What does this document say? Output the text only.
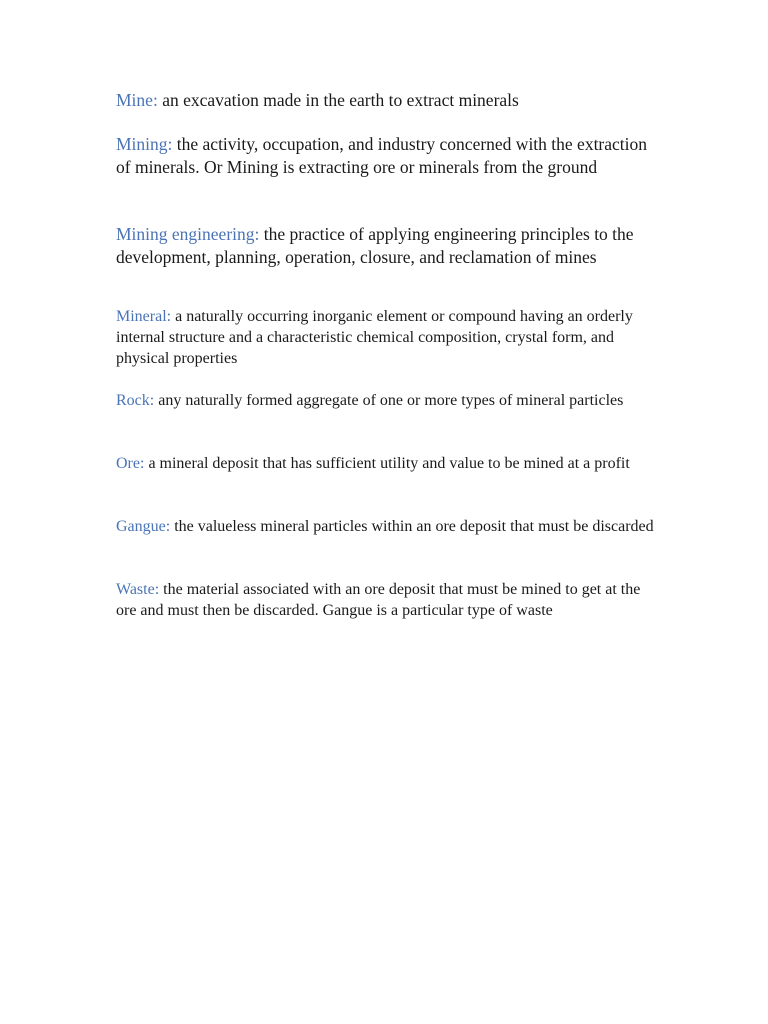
Mine: an excavation made in the earth to extract minerals

Mining: the activity, occupation, and industry concerned with the extraction of minerals. Or Mining is extracting ore or minerals from the ground

Mining engineering: the practice of applying engineering principles to the development, planning, operation, closure, and reclamation of mines

Mineral: a naturally occurring inorganic element or compound having an orderly internal structure and a characteristic chemical composition, crystal form, and physical properties

Rock: any naturally formed aggregate of one or more types of mineral particles

Ore: a mineral deposit that has sufficient utility and value to be mined at a profit

Gangue: the valueless mineral particles within an ore deposit that must be discarded

Waste: the material associated with an ore deposit that must be mined to get at the ore and must then be discarded. Gangue is a particular type of waste
